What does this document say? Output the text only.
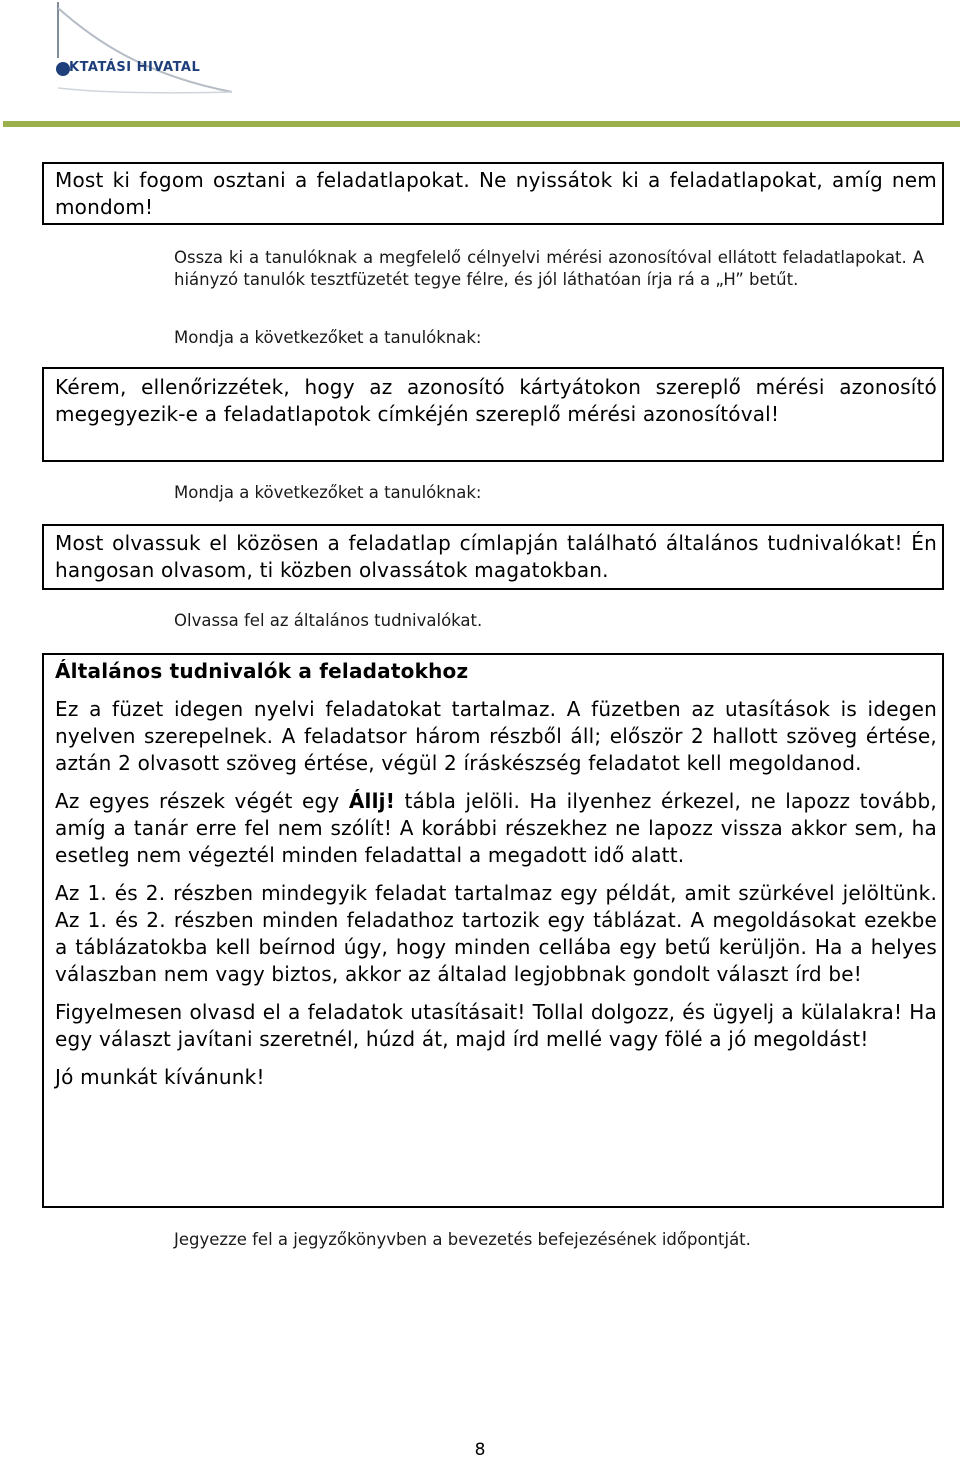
KTATÁSI HIVATAL

Most ki fogom osztani a feladatlapokat. Ne nyissátok ki a feladatlapokat, amíg nem mondom!

Ossza ki a tanulóknak a megfelelő célnyelvi mérési azonosítóval ellátott feladatlapokat. A hiányzó tanulók tesztfüzetét tegye félre, és jól láthatóan írja rá a „H” betűt.
Mondja a következőket a tanulóknak:

Kérem, ellenőrizzétek, hogy az azonosító kártyátokon szereplő mérési azonosító megegyezik-e a feladatlapotok címkéjén szereplő mérési azonosítóval!

Mondja a következőket a tanulóknak:

Most olvassuk el közösen a feladatlap címlapján található általános tudnivalókat! Én hangosan olvasom, ti közben olvassátok magatokban.

Olvassa fel az általános tudnivalókat.

Általános tudnivalók a feladatokhoz

Ez a füzet idegen nyelvi feladatokat tartalmaz. A füzetben az utasítások is idegen nyelven szerepelnek. A feladatsor három részből áll; először 2 hallott szöveg értése, aztán 2 olvasott szöveg értése, végül 2 íráskészség feladatot kell megoldanod.

Az egyes részek végét egy Állj! tábla jelöli. Ha ilyenhez érkezel, ne lapozz tovább, amíg a tanár erre fel nem szólít! A korábbi részekhez ne lapozz vissza akkor sem, ha esetleg nem végeztél minden feladattal a megadott idő alatt.

Az 1. és 2. részben mindegyik feladat tartalmaz egy példát, amit szürkével jelöltünk. Az 1. és 2. részben minden feladathoz tartozik egy táblázat. A megoldásokat ezekbe a táblázatokba kell beírnod úgy, hogy minden cellába egy betű kerüljön. Ha a helyes válaszban nem vagy biztos, akkor az általad legjobbnak gondolt választ írd be!

Figyelmesen olvasd el a feladatok utasításait! Tollal dolgozz, és ügyelj a külalakra! Ha egy választ javítani szeretnél, húzd át, majd írd mellé vagy fölé a jó megoldást!

Jó munkát kívánunk!

Jegyezze fel a jegyzőkönyvben a bevezetés befejezésének időpontját.
8
